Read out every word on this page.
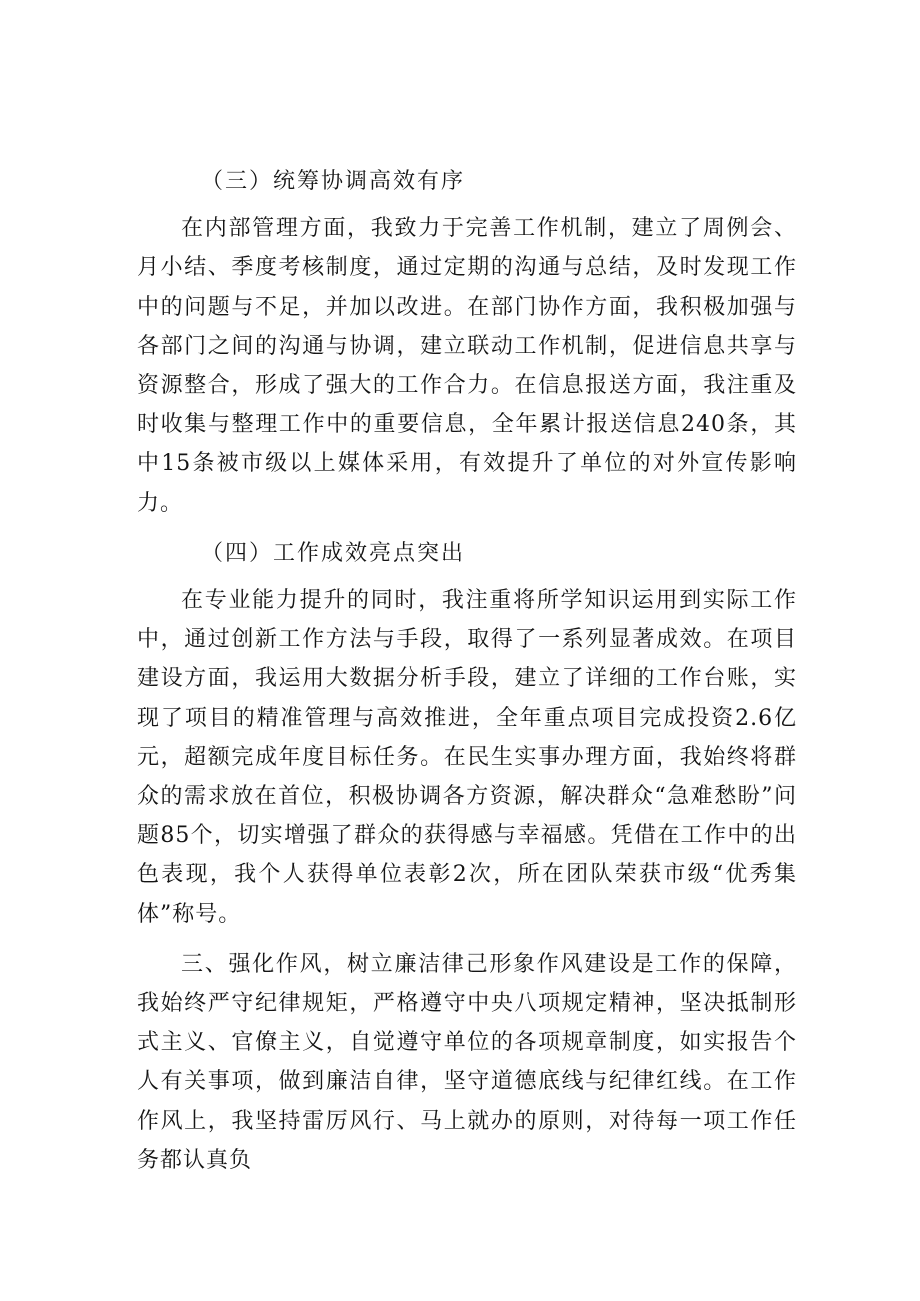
（三）统筹协调高效有序

在内部管理方面，我致力于完善工作机制，建立了周例会、月小结、季度考核制度，通过定期的沟通与总结，及时发现工作中的问题与不足，并加以改进。在部门协作方面，我积极加强与各部门之间的沟通与协调，建立联动工作机制，促进信息共享与资源整合，形成了强大的工作合力。在信息报送方面，我注重及时收集与整理工作中的重要信息，全年累计报送信息240条，其中15条被市级以上媒体采用，有效提升了单位的对外宣传影响力。

（四）工作成效亮点突出

在专业能力提升的同时，我注重将所学知识运用到实际工作中，通过创新工作方法与手段，取得了一系列显著成效。在项目建设方面，我运用大数据分析手段，建立了详细的工作台账，实现了项目的精准管理与高效推进，全年重点项目完成投资2.6亿元，超额完成年度目标任务。在民生实事办理方面，我始终将群众的需求放在首位，积极协调各方资源，解决群众“急难愁盼”问题85个，切实增强了群众的获得感与幸福感。凭借在工作中的出色表现，我个人获得单位表彰2次，所在团队荣获市级“优秀集体”称号。

三、强化作风，树立廉洁律己形象作风建设是工作的保障，我始终严守纪律规矩，严格遵守中央八项规定精神，坚决抵制形式主义、官僚主义，自觉遵守单位的各项规章制度，如实报告个人有关事项，做到廉洁自律，坚守道德底线与纪律红线。在工作作风上，我坚持雷厉风行、马上就办的原则，对待每一项工作任务都认真负
